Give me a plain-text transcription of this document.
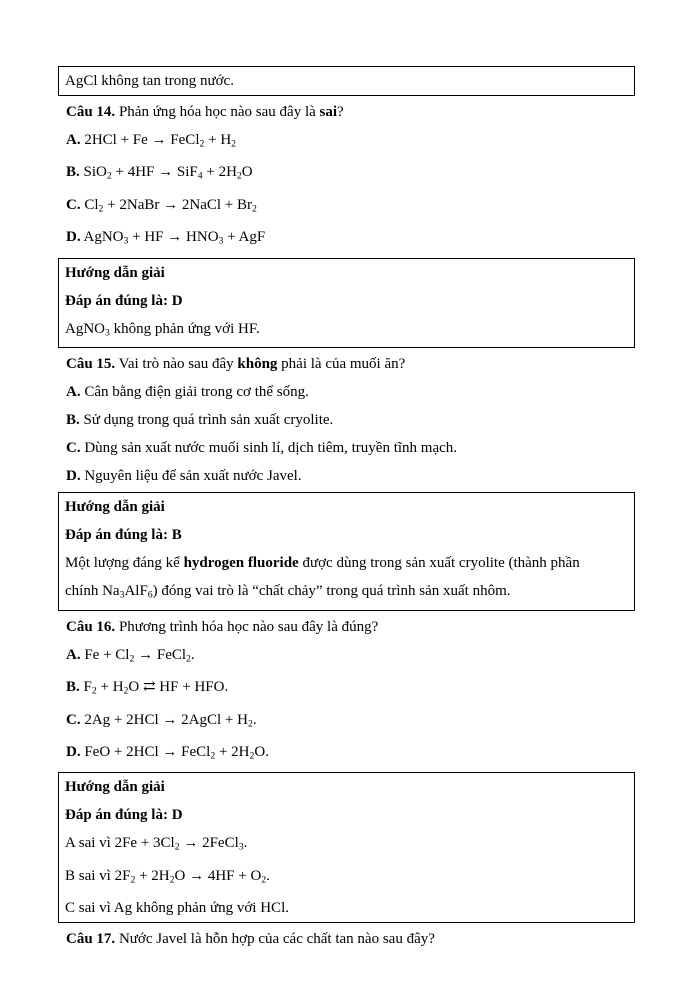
AgCl không tan trong nước.
Câu 14. Phản ứng hóa học nào sau đây là sai?
A. 2HCl + Fe → FeCl$_2$ + $H_2$
B. $SiO_2 + 4HF \to SiF_4 + 2H_2O$
C. $Cl_2$ + 2NaBr → 2NaCl + $Br_2$
D. AgNO$_3$ + HF → $HNO_3$ + AgF
Hướng dẫn giải
Đáp án đúng là: D
AgNO$_3$ không phản ứng với HF.
Câu 15. Vai trò nào sau đây không phải là của muối ăn?
A. Cân bằng điện giải trong cơ thể sống.
B. Sử dụng trong quá trình sản xuất cryolite.
C. Dùng sản xuất nước muối sinh lí, dịch tiêm, truyền tĩnh mạch.
D. Nguyên liệu để sản xuất nước Javel.
Hướng dẫn giải
Đáp án đúng là: B
Một lượng đáng kể hydrogen fluoride được dùng trong sản xuất cryolite (thành phần
chính $Na_3AlF_6$) đóng vai trò là “chất chảy” trong quá trình sản xuất nhôm.
Câu 16. Phương trình hóa học nào sau đây là đúng?
A. $Fe + Cl_2$ → FeCl$_2$.
B. $F_2 + H_2O$ ⇄ HF + HFO.
C. 2Ag + 2HCl → 2AgCl + $H_2$.
D. FeO + 2HCl → FeCl$_2$ + $2H_2O$.
Hướng dẫn giải
Đáp án đúng là: D
A sai vì $2Fe + 3Cl_2$ → 2FeCl$_3$.
B sai vì $2F_2 + 2H_2O \to 4HF + O_2$.
C sai vì Ag không phản ứng với HCl.
Câu 17. Nước Javel là hỗn hợp của các chất tan nào sau đây?
